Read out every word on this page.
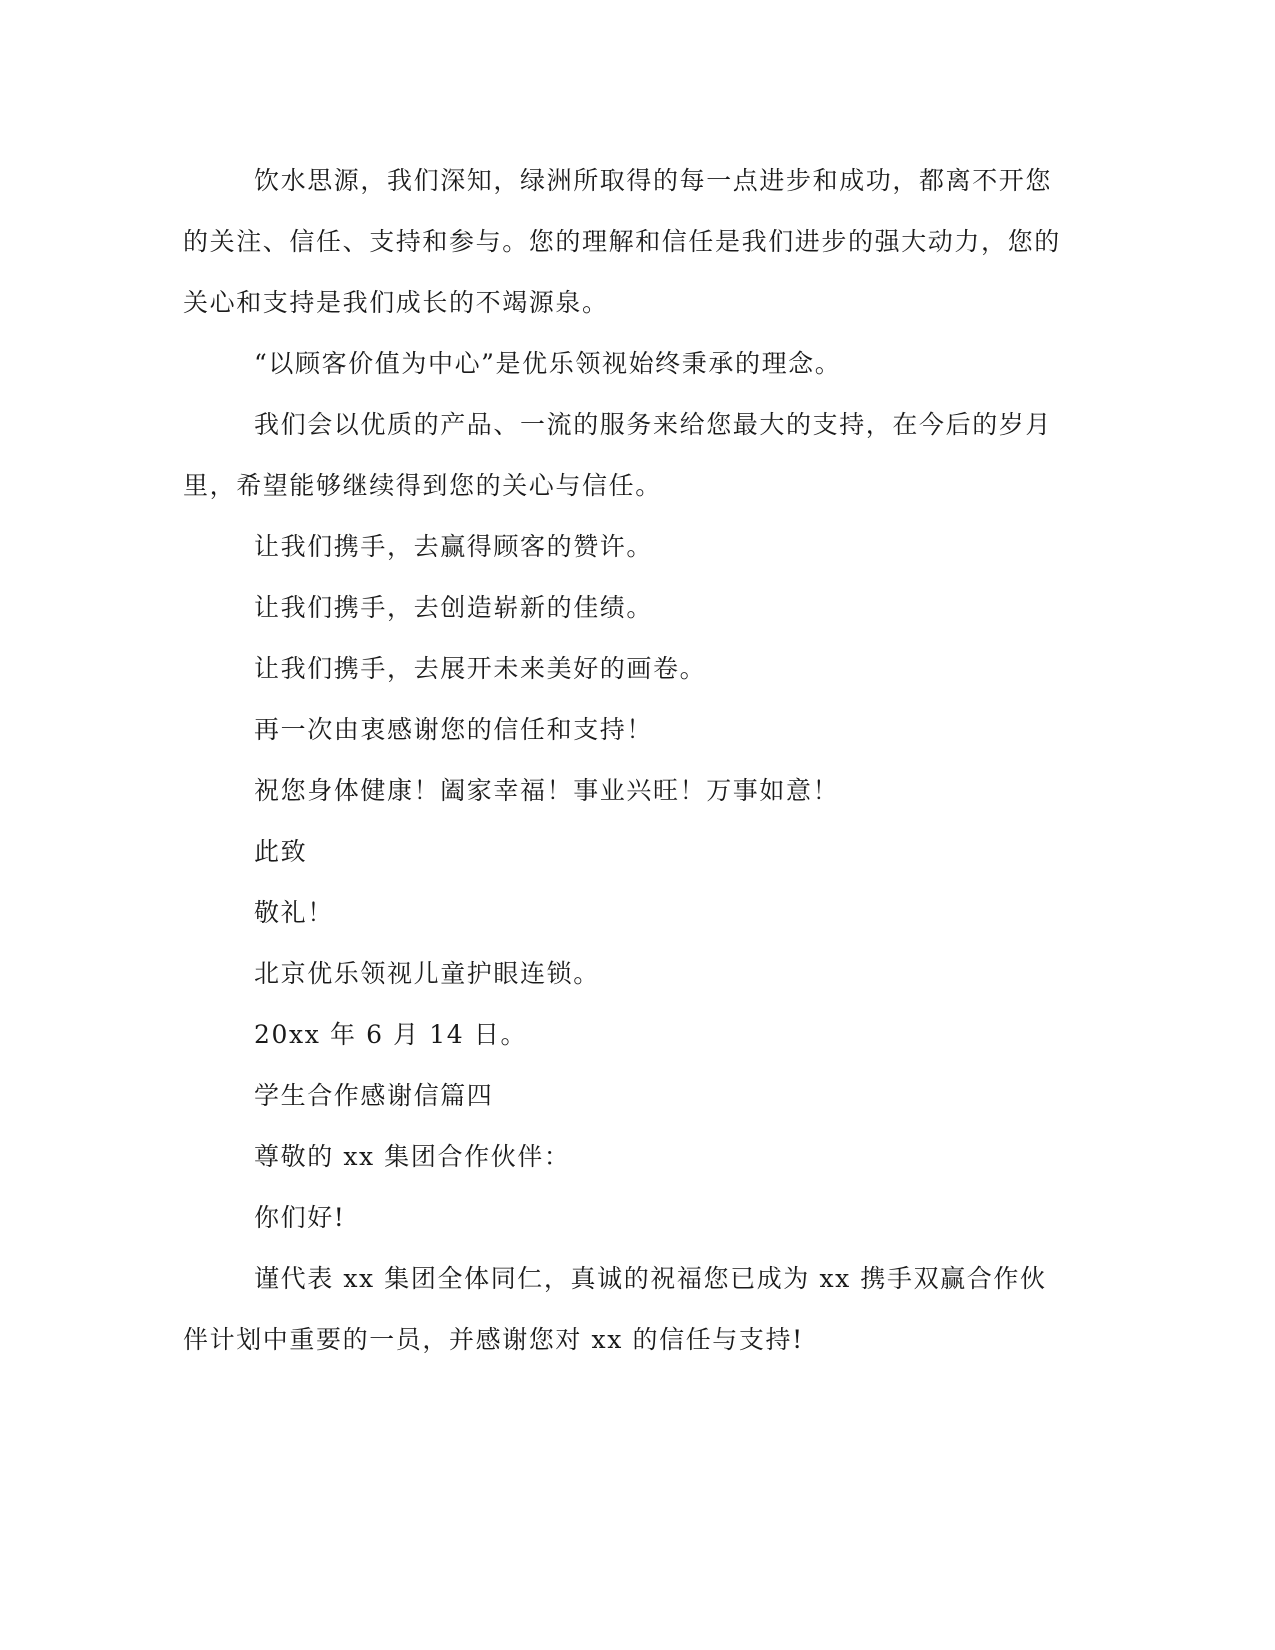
饮水思源，我们深知，绿洲所取得的每一点进步和成功，都离不开您的关注、信任、支持和参与。您的理解和信任是我们进步的强大动力，您的关心和支持是我们成长的不竭源泉。

“以顾客价值为中心”是优乐领视始终秉承的理念。

我们会以优质的产品、一流的服务来给您最大的支持，在今后的岁月里，希望能够继续得到您的关心与信任。

让我们携手，去赢得顾客的赞许。

让我们携手，去创造崭新的佳绩。

让我们携手，去展开未来美好的画卷。

再一次由衷感谢您的信任和支持！

祝您身体健康！阖家幸福！事业兴旺！万事如意！

此致

敬礼！

北京优乐领视儿童护眼连锁。

20xx 年 6 月 14 日。

学生合作感谢信篇四

尊敬的 xx 集团合作伙伴：

你们好!

谨代表 xx 集团全体同仁，真诚的祝福您已成为 xx 携手双赢合作伙伴计划中重要的一员，并感谢您对 xx 的信任与支持!
